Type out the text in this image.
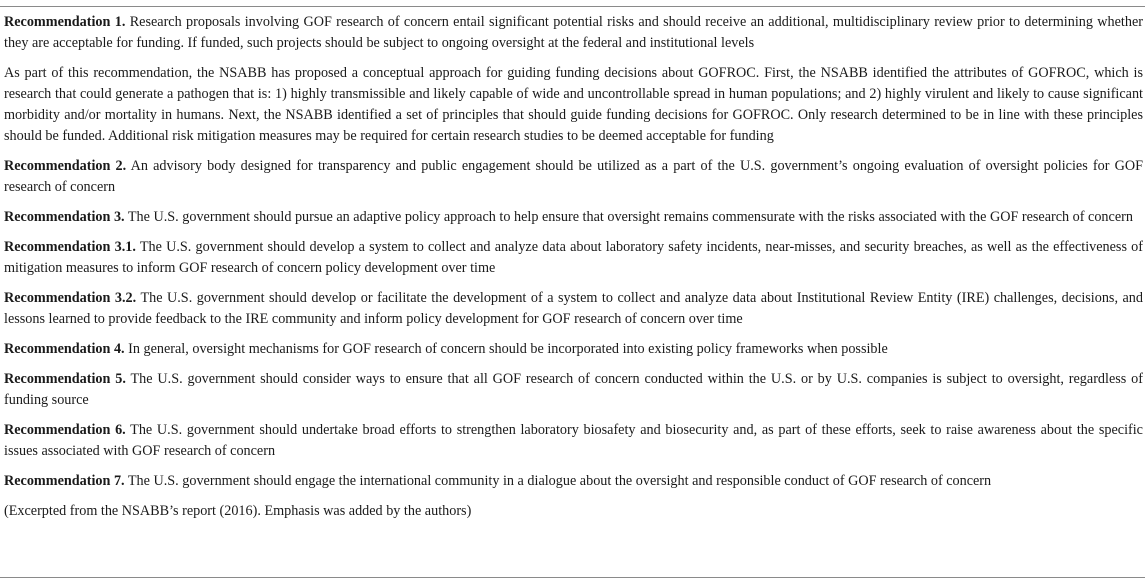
Recommendation 1. Research proposals involving GOF research of concern entail significant potential risks and should receive an additional, multidisciplinary review prior to determining whether they are acceptable for funding. If funded, such projects should be subject to ongoing oversight at the federal and institutional levels

As part of this recommendation, the NSABB has proposed a conceptual approach for guiding funding decisions about GOFROC. First, the NSABB identified the attributes of GOFROC, which is research that could generate a pathogen that is: 1) highly transmissible and likely capable of wide and uncontrollable spread in human populations; and 2) highly virulent and likely to cause significant morbidity and/or mortality in humans. Next, the NSABB identified a set of principles that should guide funding decisions for GOFROC. Only research determined to be in line with these principles should be funded. Additional risk mitigation measures may be required for certain research studies to be deemed acceptable for funding

Recommendation 2. An advisory body designed for transparency and public engagement should be utilized as a part of the U.S. government’s ongoing evaluation of oversight policies for GOF research of concern

Recommendation 3. The U.S. government should pursue an adaptive policy approach to help ensure that oversight remains commensurate with the risks associated with the GOF research of concern

Recommendation 3.1. The U.S. government should develop a system to collect and analyze data about laboratory safety incidents, near-misses, and security breaches, as well as the effectiveness of mitigation measures to inform GOF research of concern policy development over time

Recommendation 3.2. The U.S. government should develop or facilitate the development of a system to collect and analyze data about Institutional Review Entity (IRE) challenges, decisions, and lessons learned to provide feedback to the IRE community and inform policy development for GOF research of concern over time

Recommendation 4. In general, oversight mechanisms for GOF research of concern should be incorporated into existing policy frameworks when possible

Recommendation 5. The U.S. government should consider ways to ensure that all GOF research of concern conducted within the U.S. or by U.S. companies is subject to oversight, regardless of funding source

Recommendation 6. The U.S. government should undertake broad efforts to strengthen laboratory biosafety and biosecurity and, as part of these efforts, seek to raise awareness about the specific issues associated with GOF research of concern

Recommendation 7. The U.S. government should engage the international community in a dialogue about the oversight and responsible conduct of GOF research of concern

(Excerpted from the NSABB’s report (2016). Emphasis was added by the authors)
